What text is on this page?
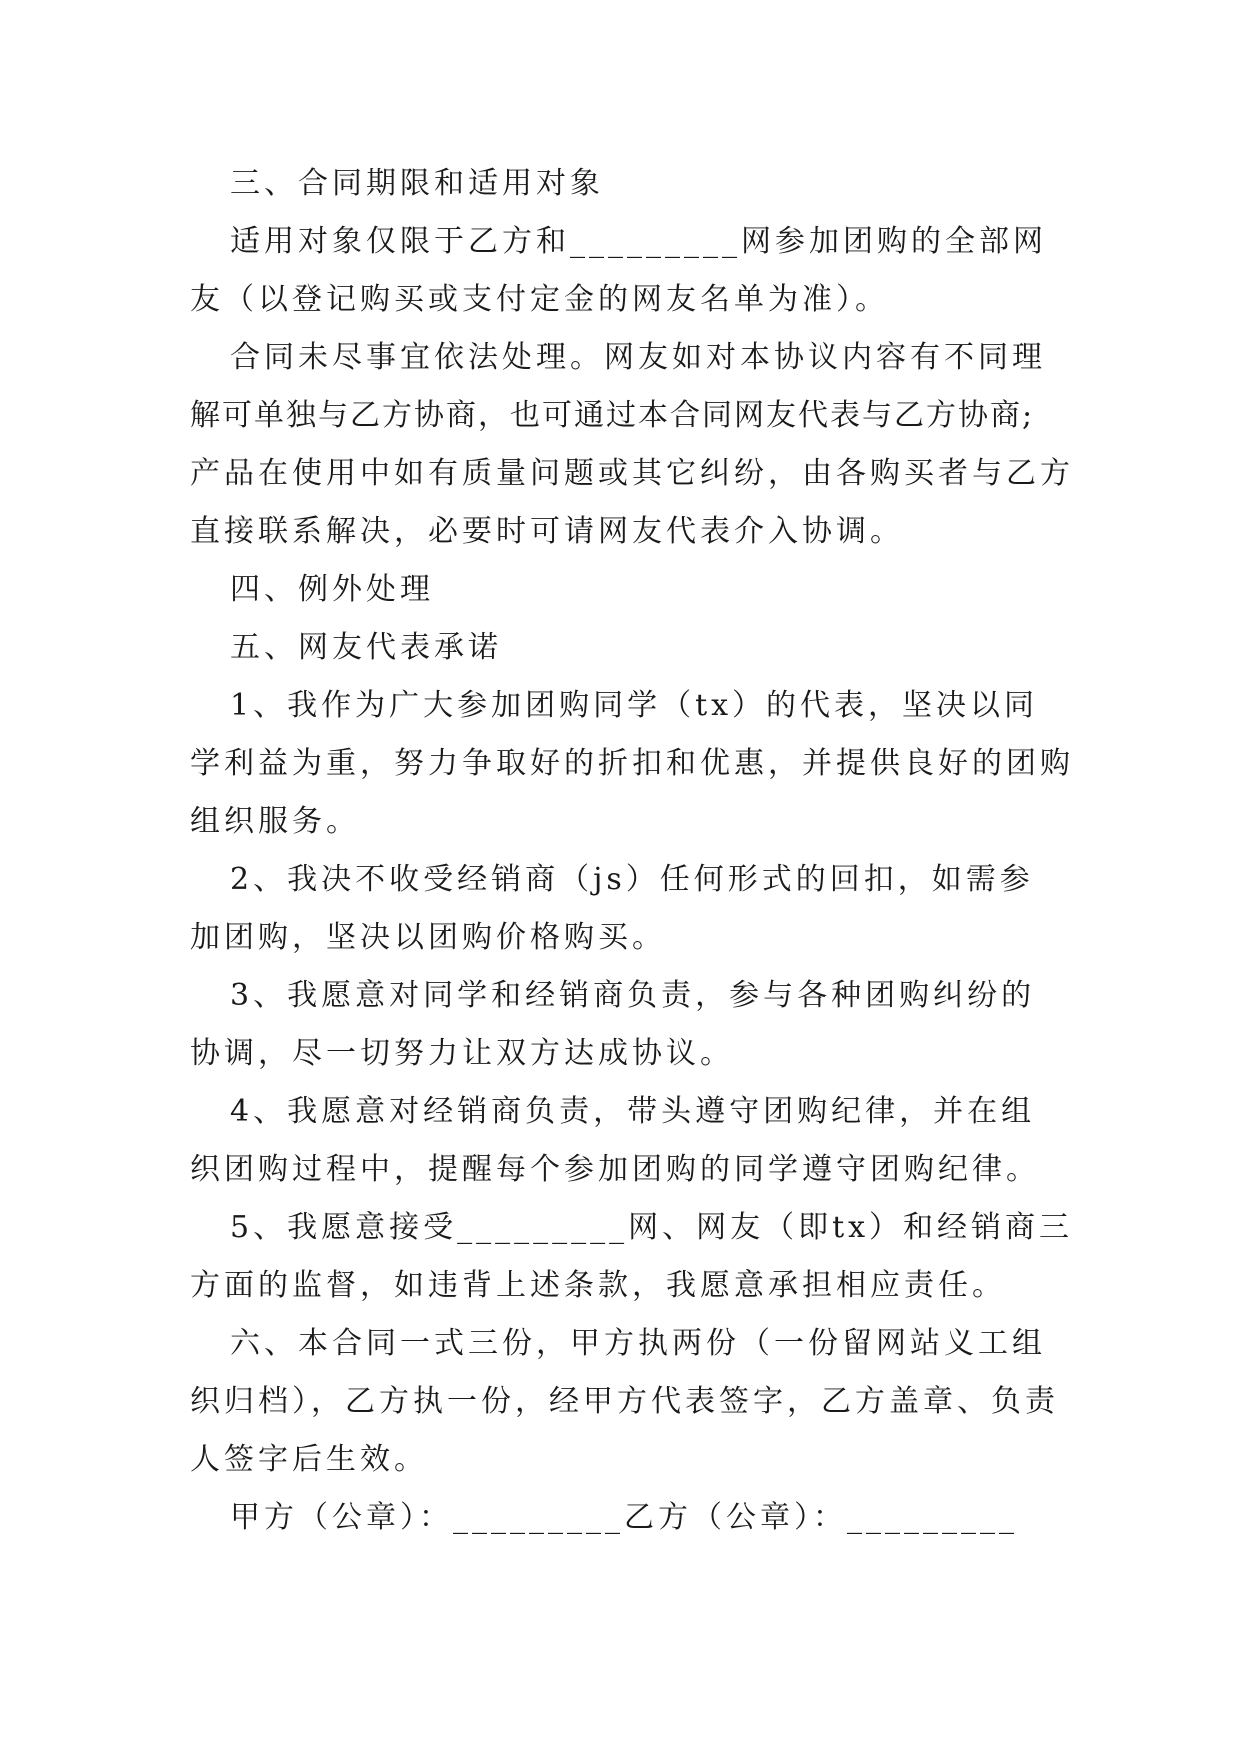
三、合同期限和适用对象

适用对象仅限于乙方和_________网参加团购的全部网

友（以登记购买或支付定金的网友名单为准）。

合同未尽事宜依法处理。网友如对本协议内容有不同理

解可单独与乙方协商，也可通过本合同网友代表与乙方协商;

产品在使用中如有质量问题或其它纠纷，由各购买者与乙方

直接联系解决，必要时可请网友代表介入协调。

四、例外处理

五、网友代表承诺

1、我作为广大参加团购同学（tx）的代表，坚决以同

学利益为重，努力争取好的折扣和优惠，并提供良好的团购

组织服务。

2、我决不收受经销商（js）任何形式的回扣，如需参

加团购，坚决以团购价格购买。

3、我愿意对同学和经销商负责，参与各种团购纠纷的

协调，尽一切努力让双方达成协议。

4、我愿意对经销商负责，带头遵守团购纪律，并在组

织团购过程中，提醒每个参加团购的同学遵守团购纪律。

5、我愿意接受_________网、网友（即tx）和经销商三

方面的监督，如违背上述条款，我愿意承担相应责任。

六、本合同一式三份，甲方执两份（一份留网站义工组

织归档），乙方执一份，经甲方代表签字，乙方盖章、负责

人签字后生效。

甲方（公章）：_________乙方（公章）：_________
